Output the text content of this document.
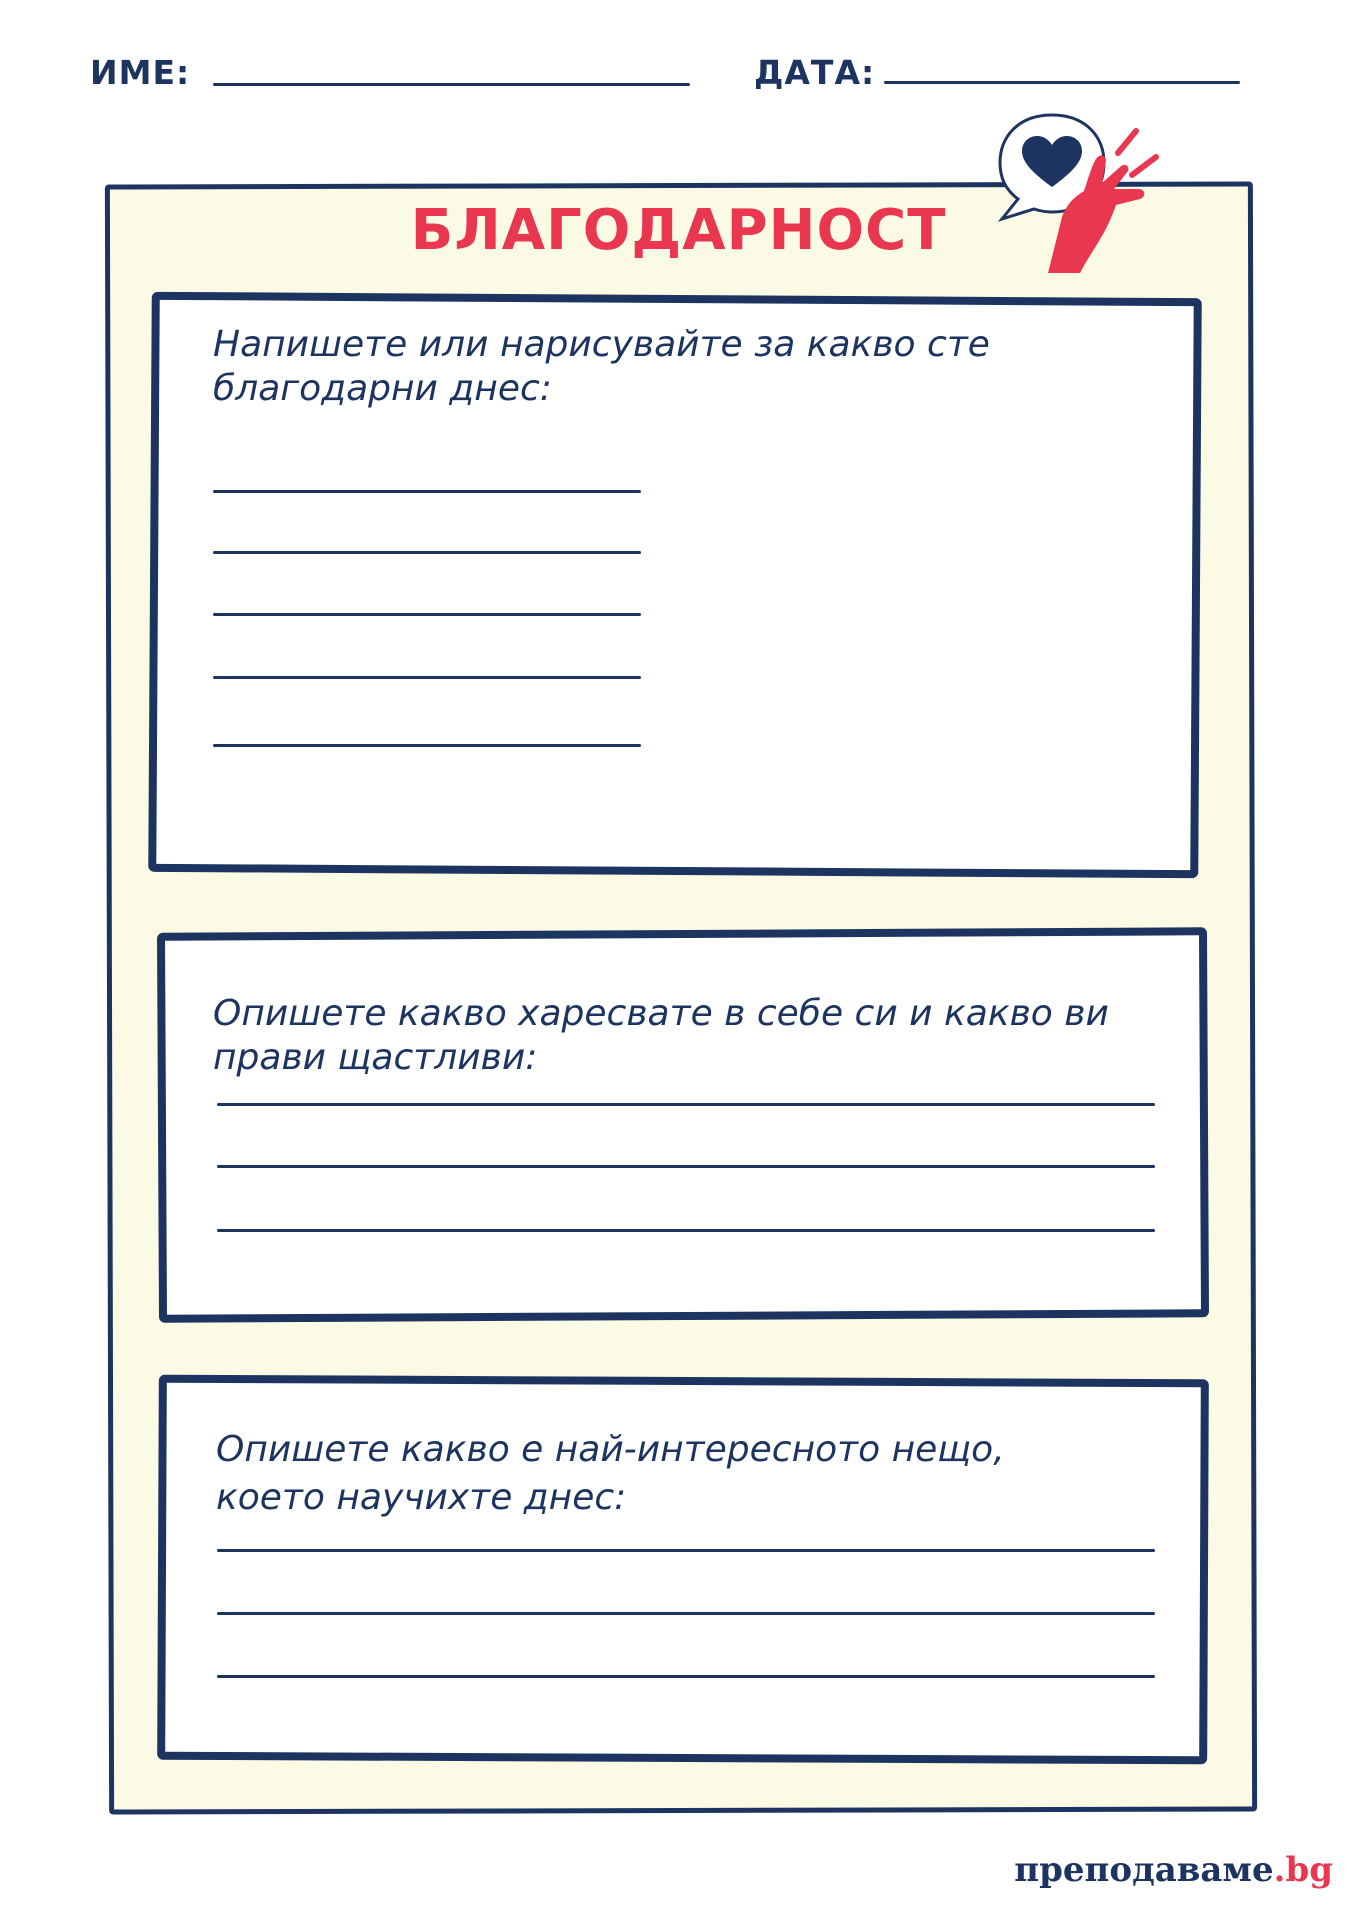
ИМЕ:	ДАТА:
БЛАГОДАРНОСТ
Напишете или нарисувайте за какво сте
благодарни днес:
Опишете какво харесвате в себе си и какво ви
прави щастливи:
Опишете какво е най-интересното нещо,
което научихте днес:
преподаваме.bg
